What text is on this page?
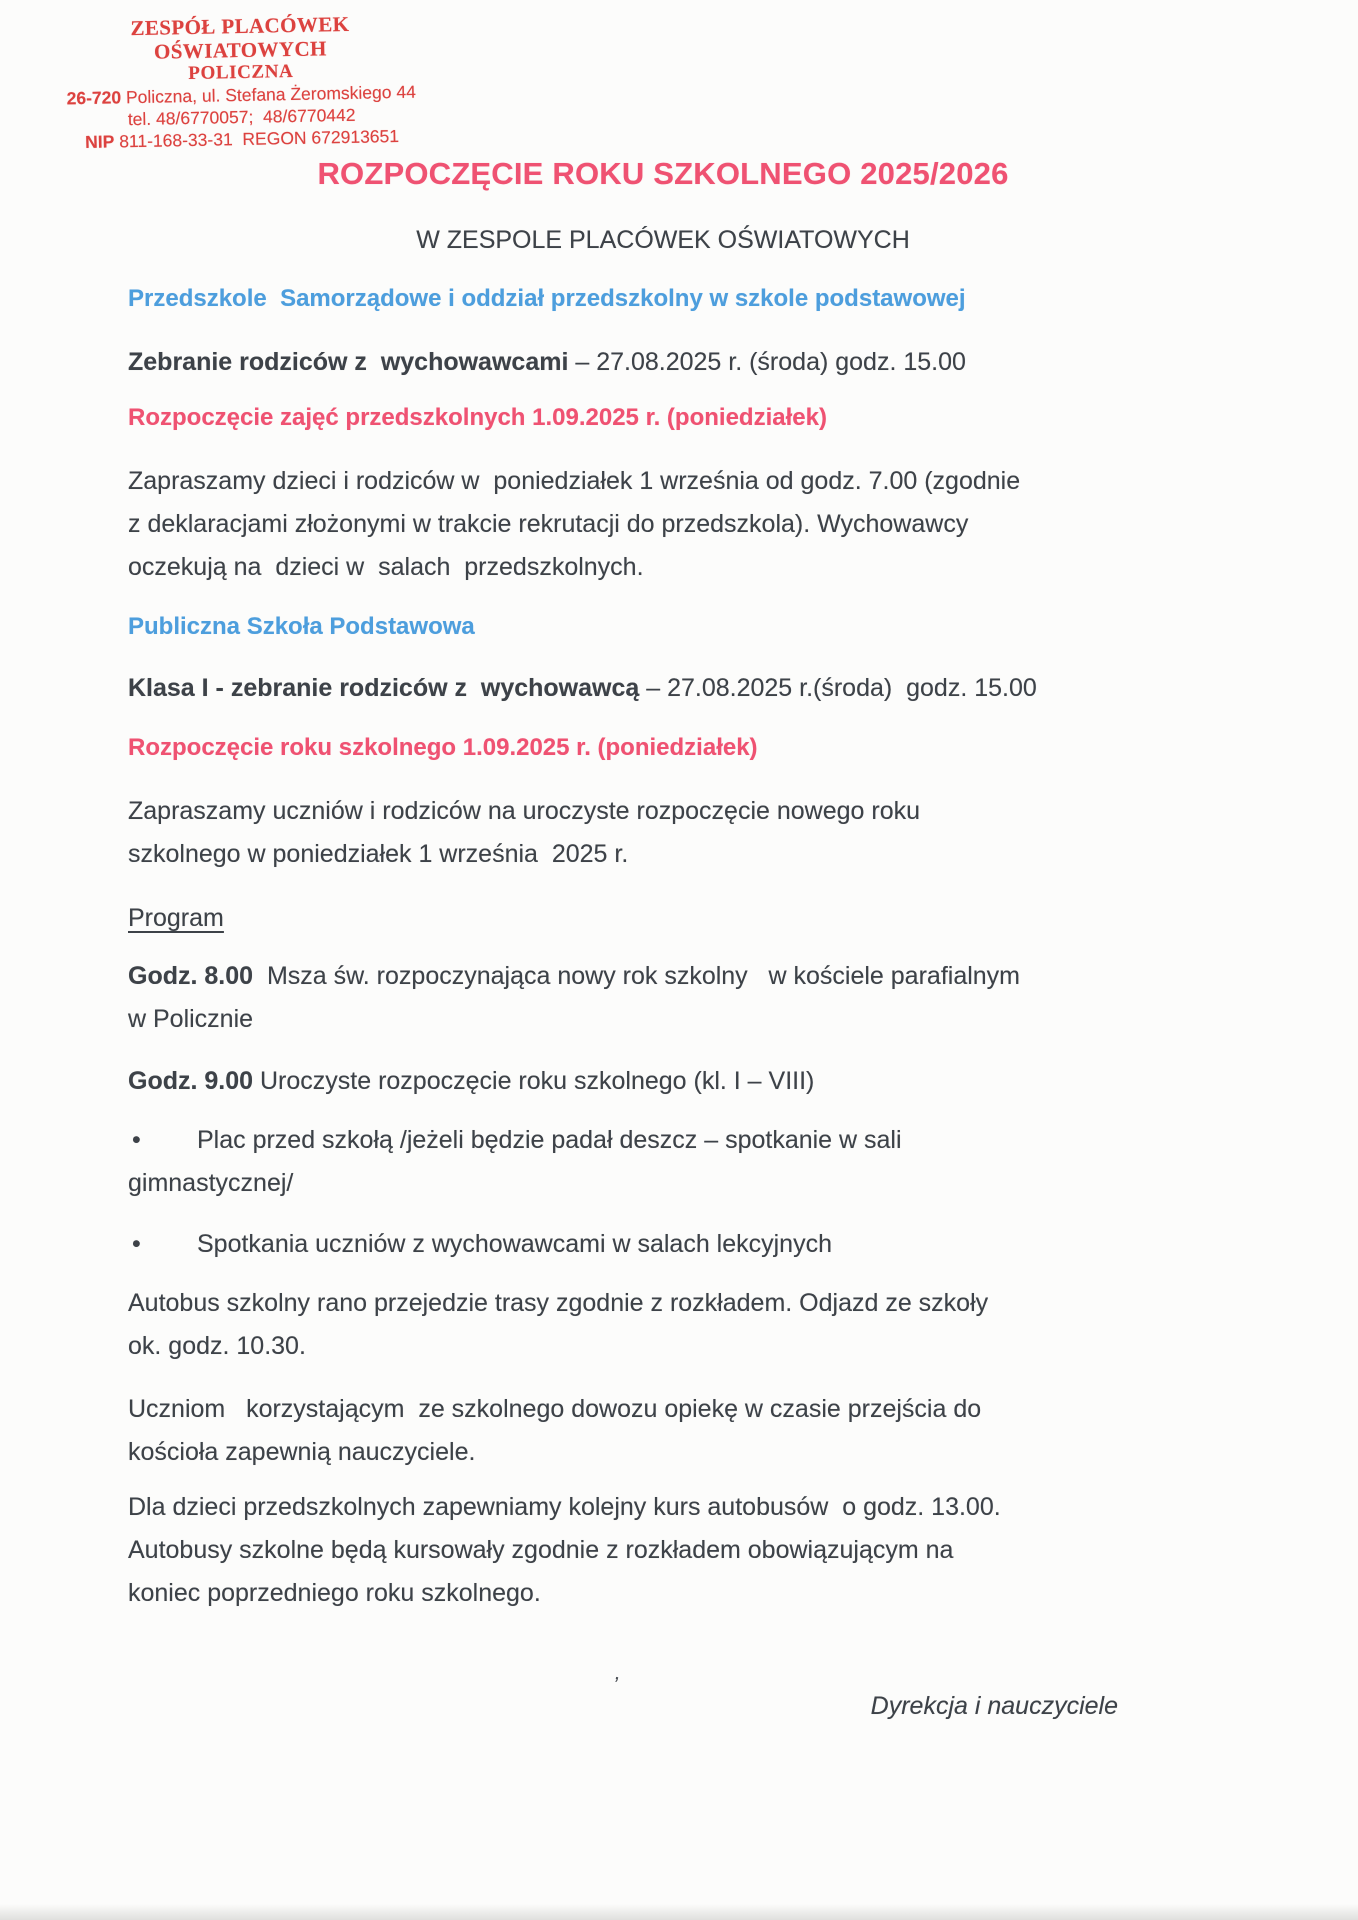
ZESPÓŁ PLACÓWEK OŚWIATOWYCH
POLICZNA
26-720 Policzna, ul. Stefana Żeromskiego 44
tel. 48/6770057;  48/6770442
NIP 811-168-33-31  REGON 672913651
ROZPOCZĘCIE ROKU SZKOLNEGO 2025/2026
W ZESPOLE PLACÓWEK OŚWIATOWYCH
Przedszkole  Samorządowe i oddział przedszkolny w szkole podstawowej
Zebranie rodziców z  wychowawcami – 27.08.2025 r. (środa) godz. 15.00
Rozpoczęcie zajęć przedszkolnych 1.09.2025 r. (poniedziałek)
Zapraszamy dzieci i rodziców w  poniedziałek 1 września od godz. 7.00 (zgodnie
z deklaracjami złożonymi w trakcie rekrutacji do przedszkola). Wychowawcy
oczekują na  dzieci w  salach  przedszkolnych.
Publiczna Szkoła Podstawowa
Klasa I - zebranie rodziców z  wychowawcą – 27.08.2025 r.(środa)  godz. 15.00
Rozpoczęcie roku szkolnego 1.09.2025 r. (poniedziałek)
Zapraszamy uczniów i rodziców na uroczyste rozpoczęcie nowego roku
szkolnego w poniedziałek 1 września  2025 r.
Program
Godz. 8.00  Msza św. rozpoczynająca nowy rok szkolny   w kościele parafialnym
w Policznie
Godz. 9.00 Uroczyste rozpoczęcie roku szkolnego (kl. I – VIII)
• Plac przed szkołą /jeżeli będzie padał deszcz – spotkanie w sali
gimnastycznej/
• Spotkania uczniów z wychowawcami w salach lekcyjnych
Autobus szkolny rano przejedzie trasy zgodnie z rozkładem. Odjazd ze szkoły
ok. godz. 10.30.
Uczniom   korzystającym  ze szkolnego dowozu opiekę w czasie przejścia do
kościoła zapewnią nauczyciele.
Dla dzieci przedszkolnych zapewniamy kolejny kurs autobusów  o godz. 13.00.
Autobusy szkolne będą kursowały zgodnie z rozkładem obowiązującym na
koniec poprzedniego roku szkolnego.
’
Dyrekcja i nauczyciele
